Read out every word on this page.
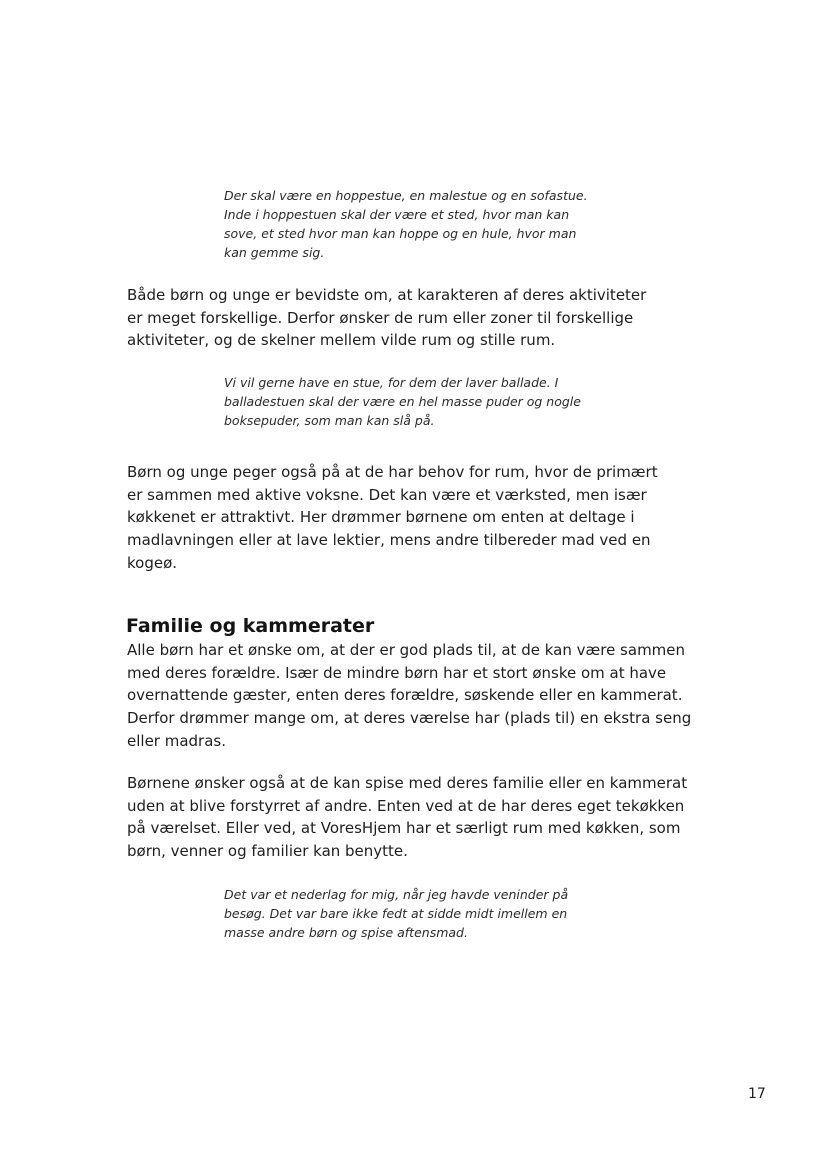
Der skal være en hoppestue, en malestue og en sofastue.

Inde i hoppestuen skal der være et sted, hvor man kan

sove, et sted hvor man kan hoppe og en hule, hvor man

kan gemme sig.

Både børn og unge er bevidste om, at karakteren af deres aktiviteter

er meget forskellige. Derfor ønsker de rum eller zoner til forskellige

aktiviteter, og de skelner mellem vilde rum og stille rum.

Vi vil gerne have en stue, for dem der laver ballade. I

balladestuen skal der være en hel masse puder og nogle

boksepuder, som man kan slå på.

Børn og unge peger også på at de har behov for rum, hvor de primært

er sammen med aktive voksne. Det kan være et værksted, men især

køkkenet er attraktivt. Her drømmer børnene om enten at deltage i

madlavningen eller at lave lektier, mens andre tilbereder mad ved en

kogeø.

Familie og kammerater

Alle børn har et ønske om, at der er god plads til, at de kan være sammen

med deres forældre. Især de mindre børn har et stort ønske om at have

overnattende gæster, enten deres forældre, søskende eller en kammerat.

Derfor drømmer mange om, at deres værelse har (plads til) en ekstra seng

eller madras.

Børnene ønsker også at de kan spise med deres familie eller en kammerat

uden at blive forstyrret af andre. Enten ved at de har deres eget tekøkken

på værelset. Eller ved, at VoresHjem har et særligt rum med køkken, som

børn, venner og familier kan benytte.

Det var et nederlag for mig, når jeg havde veninder på

besøg. Det var bare ikke fedt at sidde midt imellem en

masse andre børn og spise aftensmad.

17
